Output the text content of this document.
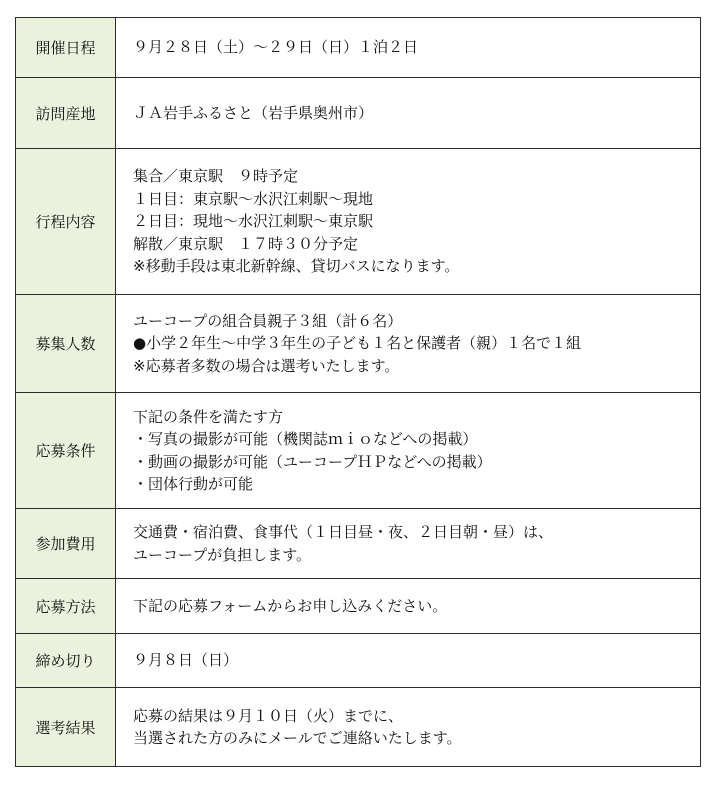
開催日程	９月２８日（土）～２９日（日）１泊２日

訪問産地	ＪＡ岩手ふるさと（岩手県奥州市）

行程内容	集合／東京駅　９時予定
１日目：東京駅～水沢江刺駅～現地
２日目：現地～水沢江刺駅～東京駅
解散／東京駅　１７時３０分予定
※移動手段は東北新幹線、貸切バスになります。

募集人数	ユーコープの組合員親子３組（計６名）
●小学２年生～中学３年生の子ども１名と保護者（親）１名で１組
※応募者多数の場合は選考いたします。

応募条件	下記の条件を満たす方
・写真の撮影が可能（機関誌ｍｉｏなどへの掲載）
・動画の撮影が可能（ユーコープＨＰなどへの掲載）
・団体行動が可能

参加費用	交通費・宿泊費、食事代（１日目昼・夜、２日目朝・昼）は、
ユーコープが負担します。

応募方法	下記の応募フォームからお申し込みください。

締め切り	９月８日（日）

選考結果	応募の結果は９月１０日（火）までに、
当選された方のみにメールでご連絡いたします。
